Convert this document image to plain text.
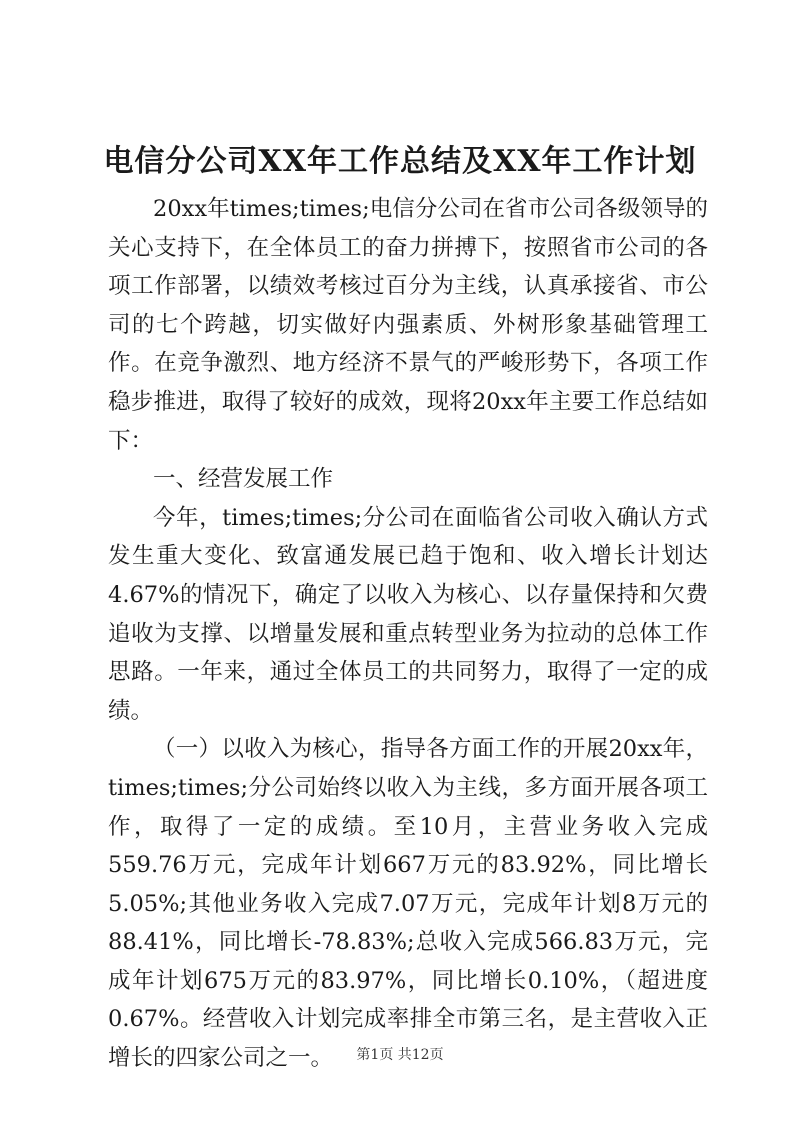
电信分公司XX年工作总结及XX年工作计划

20xx年times;times;电信分公司在省市公司各级领导的关心支持下，在全体员工的奋力拼搏下，按照省市公司的各项工作部署，以绩效考核过百分为主线，认真承接省、市公司的七个跨越，切实做好内强素质、外树形象基础管理工作。在竞争激烈、地方经济不景气的严峻形势下，各项工作稳步推进，取得了较好的成效，现将20xx年主要工作总结如下：

一、经营发展工作

今年，times;times;分公司在面临省公司收入确认方式发生重大变化、致富通发展已趋于饱和、收入增长计划达4.67%的情况下，确定了以收入为核心、以存量保持和欠费追收为支撑、以增量发展和重点转型业务为拉动的总体工作思路。一年来，通过全体员工的共同努力，取得了一定的成绩。

（一）以收入为核心，指导各方面工作的开展20xx年，times;times;分公司始终以收入为主线，多方面开展各项工作，取得了一定的成绩。至10月，主营业务收入完成559.76万元，完成年计划667万元的83.92%，同比增长5.05%;其他业务收入完成7.07万元，完成年计划8万元的88.41%，同比增长-78.83%;总收入完成566.83万元，完成年计划675万元的83.97%，同比增长0.10%，（超进度0.67%。经营收入计划完成率排全市第三名，是主营收入正增长的四家公司之一。	第1页 共12页
